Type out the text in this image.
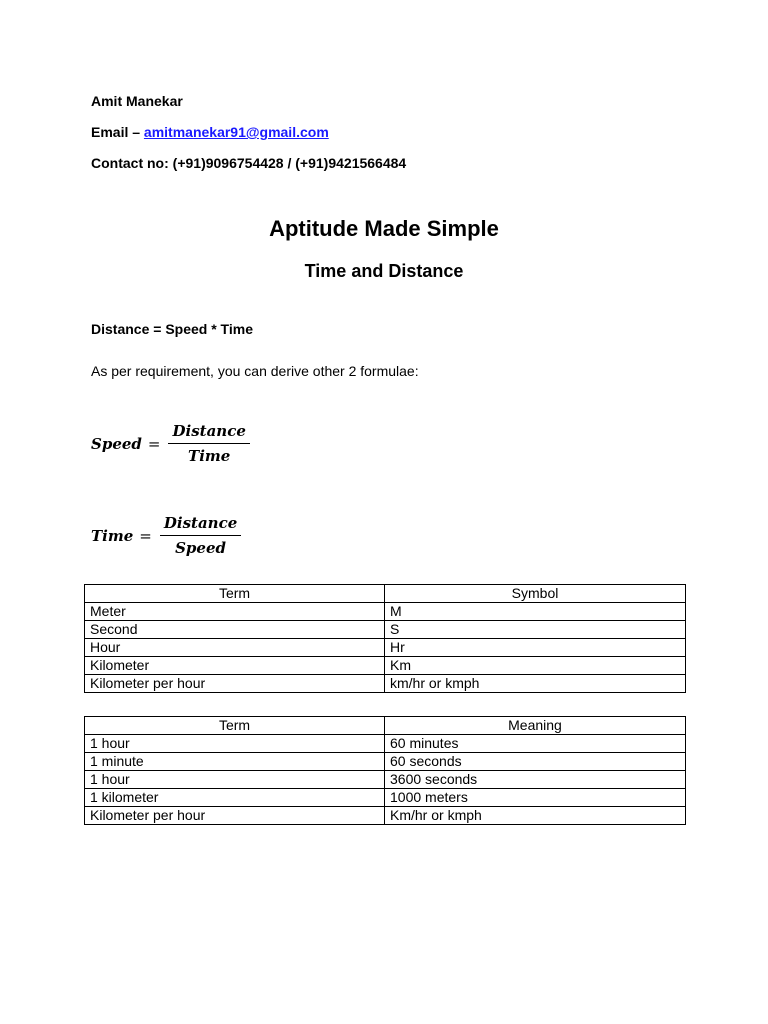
Amit Manekar
Email – amitmanekar91@gmail.com
Contact no: (+91)9096754428 / (+91)9421566484
Aptitude Made Simple
Time and Distance
Distance = Speed * Time
As per requirement, you can derive other 2 formulae:
Speed = $\frac{\text{Distance}}{\text{Time}}$
Time = $\frac{\text{Distance}}{\text{Speed}}$
Term	Symbol
Meter	M
Second	S
Hour	Hr
Kilometer	Km
Kilometer per hour	km/hr or kmph
Term	Meaning
1 hour	60 minutes
1 minute	60 seconds
1 hour	3600 seconds
1 kilometer	1000 meters
Kilometer per hour	Km/hr or kmph
